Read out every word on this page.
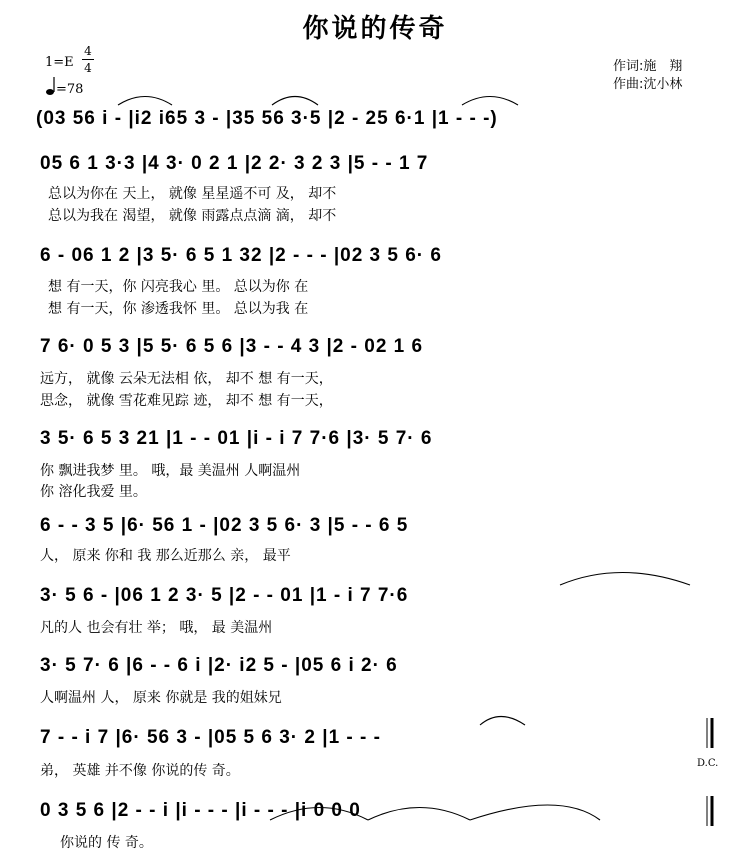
你说的传奇
1=E
4
4
=78
作词:施　翔
作曲:沈小林
(03 56 i - |i2 i65 3 - |35 56 3·5 |2 - 25 6·1 |1 - - -)
05 6 1 3·3 |4 3· 0 2 1 |2 2· 3 2 3 |5 - - 1 7
总以为你在 天上， 就像 星星遥不可 及， 却不
总以为我在 渴望， 就像 雨露点点滴 滴， 却不
6 - 06 1 2 |3 5· 6 5 1 32 |2 - - - |02 3 5 6· 6
想 有一天，你 闪亮我心 里。 总以为你 在
想 有一天，你 渗透我怀 里。 总以为我 在
7 6· 0 5 3 |5 5· 6 5 6 |3 - - 4 3 |2 - 02 1 6
远方， 就像 云朵无法相 依， 却不 想 有一天，
思念， 就像 雪花难见踪 迹， 却不 想 有一天，
3 5· 6 5 3 21 |1 - - 01 |i - i 7 7·6 |3· 5 7· 6
你 飘进我梦 里。 哦，最 美温州 人啊温州
你 溶化我爱 里。
6 - - 3 5 |6· 56 1 - |02 3 5 6· 3 |5 - - 6 5
人， 原来 你和 我 那么近那么 亲， 最平
3· 5 6 - |06 1 2 3· 5 |2 - - 01 |1 - i 7 7·6
凡的人 也会有壮 举； 哦， 最 美温州
3· 5 7· 6 |6 - - 6 i |2· i2 5 - |05 6 i 2· 6
人啊温州 人， 原来 你就是 我的姐妹兄
7 - - i 7 |6· 56 3 - |05 5 6 3· 2 |1 - - -
弟， 英雄 并不像 你说的传 奇。	D.C.
0 3 5 6 |2 - - i |i - - - |i - - - |i 0 0 0
你说的 传 奇。
